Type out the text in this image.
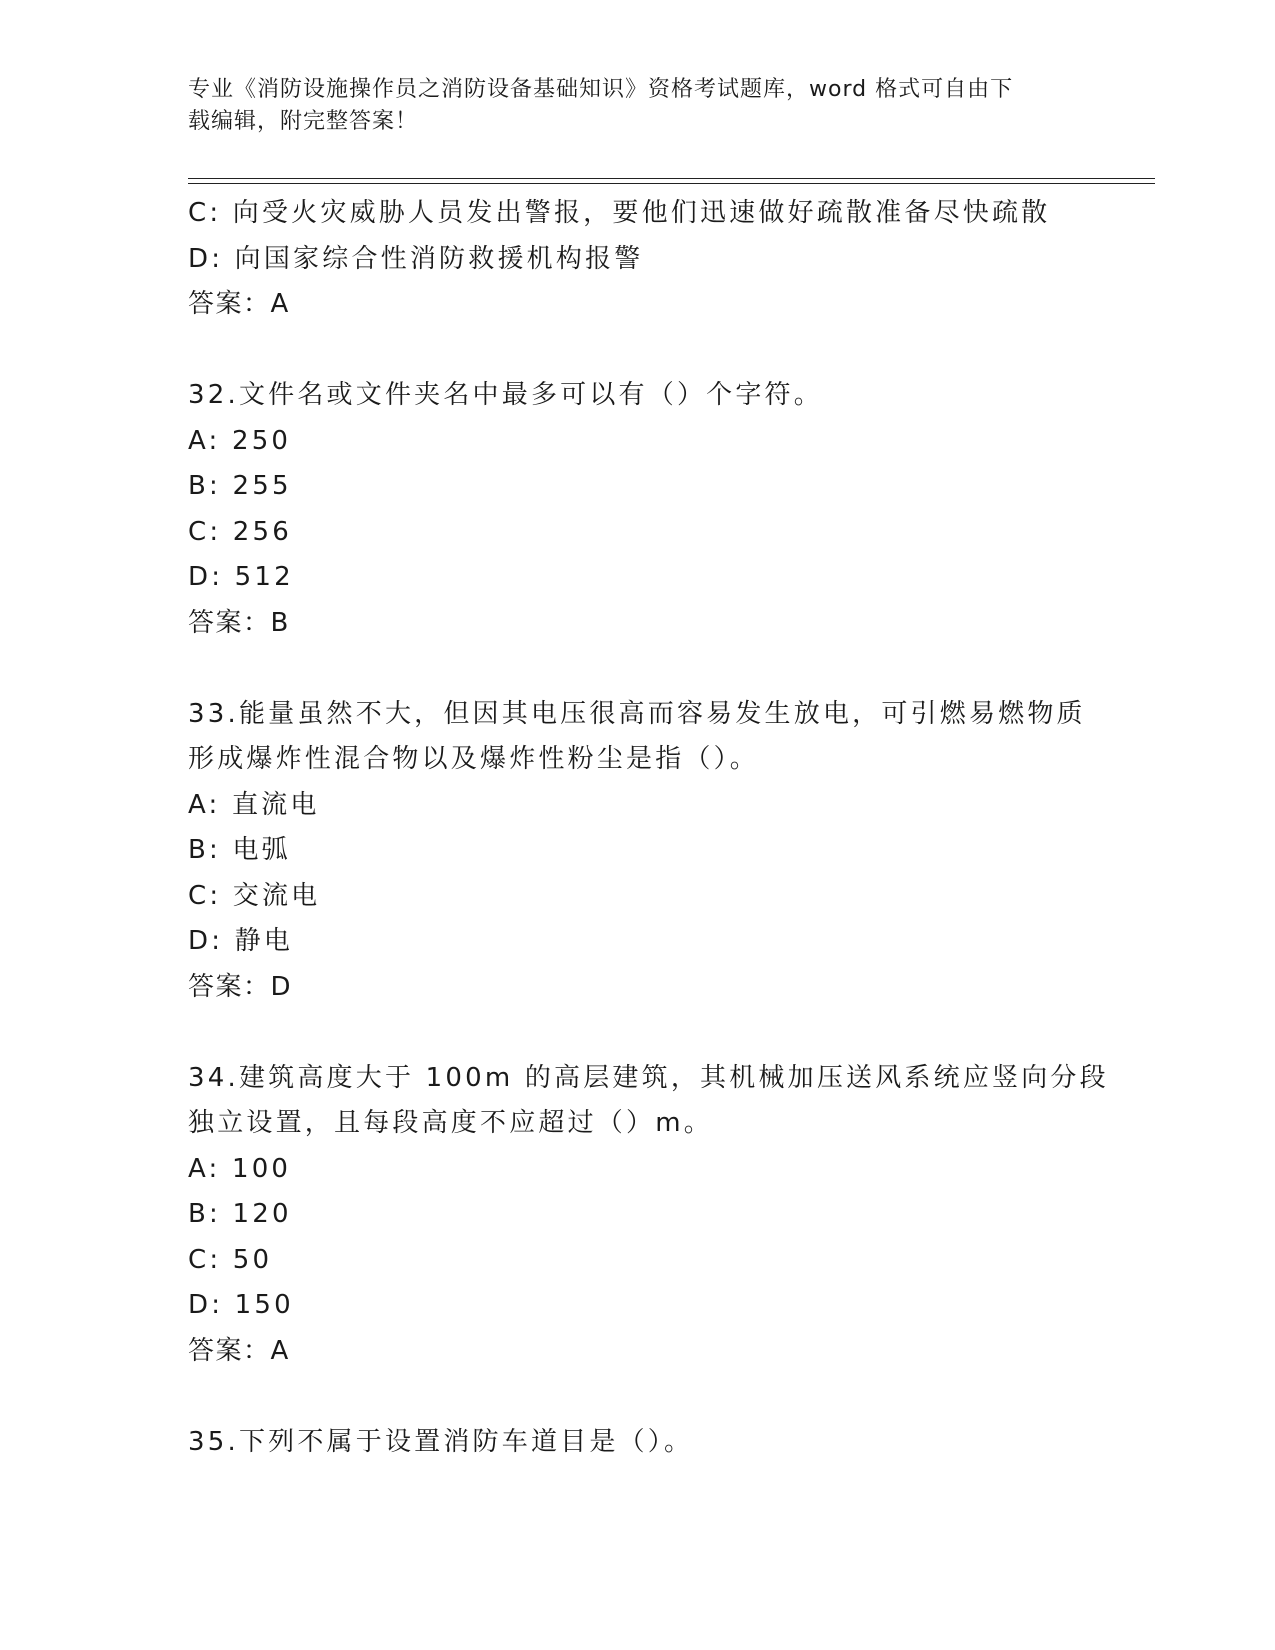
专业《消防设施操作员之消防设备基础知识》资格考试题库，word 格式可自由下
载编辑，附完整答案！
C: 向受火灾威胁人员发出警报，要他们迅速做好疏散准备尽快疏散
D: 向国家综合性消防救援机构报警
答案：A
32.文件名或文件夹名中最多可以有（）个字符。
A: 250
B: 255
C: 256
D: 512
答案：B
33.能量虽然不大，但因其电压很高而容易发生放电，可引燃易燃物质
形成爆炸性混合物以及爆炸性粉尘是指（）。
A: 直流电
B: 电弧
C: 交流电
D: 静电
答案：D
34.建筑高度大于 100m 的高层建筑，其机械加压送风系统应竖向分段
独立设置，且每段高度不应超过（）m。
A: 100
B: 120
C: 50
D: 150
答案：A
35.下列不属于设置消防车道目是（）。
